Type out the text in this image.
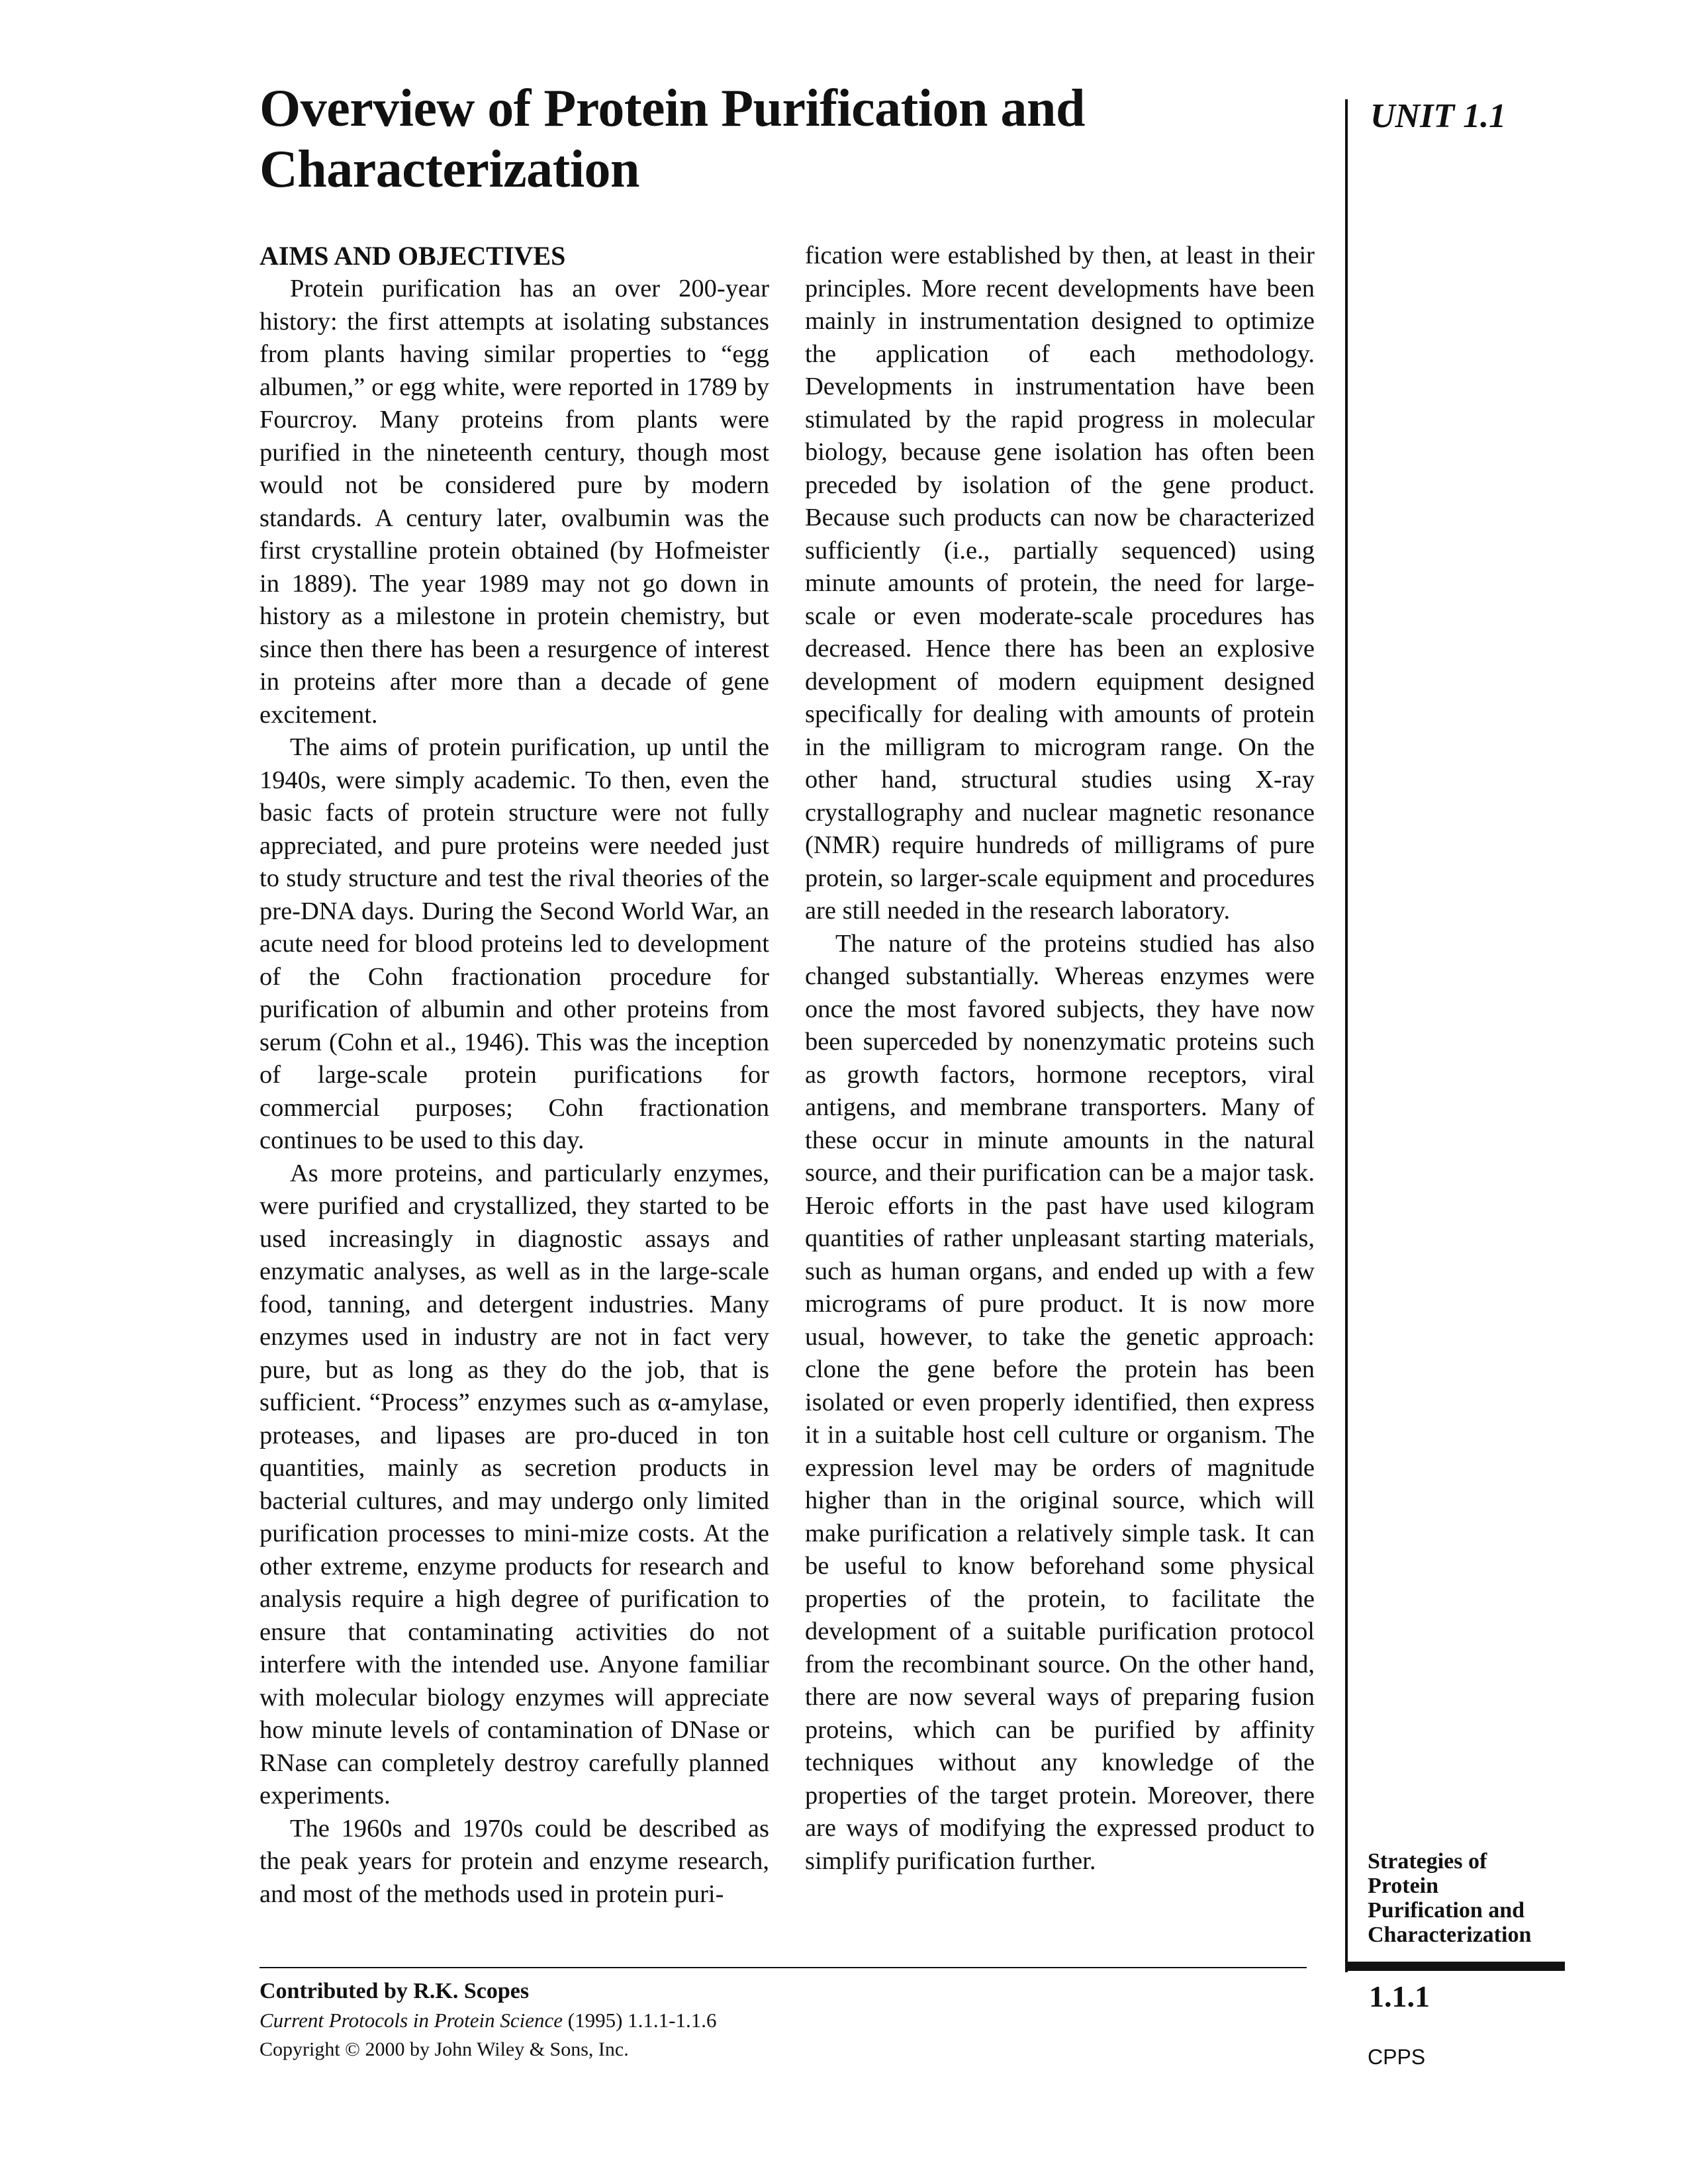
Overview of Protein Purification and
Characterization
UNIT 1.1
AIMS AND OBJECTIVES

Protein purification has an over 200-year history: the first attempts at isolating substances from plants having similar properties to “egg albumen,” or egg white, were reported in 1789 by Fourcroy. Many proteins from plants were purified in the nineteenth century, though most would not be considered pure by modern standards. A century later, ovalbumin was the first crystalline protein obtained (by Hofmeister in 1889). The year 1989 may not go down in history as a milestone in protein chemistry, but since then there has been a resurgence of interest in proteins after more than a decade of gene excitement.

The aims of protein purification, up until the 1940s, were simply academic. To then, even the basic facts of protein structure were not fully appreciated, and pure proteins were needed just to study structure and test the rival theories of the pre-DNA days. During the Second World War, an acute need for blood proteins led to development of the Cohn fractionation procedure for purification of albumin and other proteins from serum (Cohn et al., 1946). This was the inception of large-scale protein purifications for commercial purposes; Cohn fractionation continues to be used to this day.

As more proteins, and particularly enzymes, were purified and crystallized, they started to be used increasingly in diagnostic assays and enzymatic analyses, as well as in the large-scale food, tanning, and detergent industries. Many enzymes used in industry are not in fact very pure, but as long as they do the job, that is sufficient. “Process” enzymes such as α-amylase, proteases, and lipases are pro-duced in ton quantities, mainly as secretion products in bacterial cultures, and may undergo only limited purification processes to mini-mize costs. At the other extreme, enzyme products for research and analysis require a high degree of purification to ensure that contaminating activities do not interfere with the intended use. Anyone familiar with molecular biology enzymes will appreciate how minute levels of contamination of DNase or RNase can completely destroy carefully planned experiments.

The 1960s and 1970s could be described as the peak years for protein and enzyme research, and most of the methods used in protein puri-

fication were established by then, at least in their principles. More recent developments have been mainly in instrumentation designed to optimize the application of each methodology. Developments in instrumentation have been stimulated by the rapid progress in molecular biology, because gene isolation has often been preceded by isolation of the gene product. Because such products can now be characterized sufficiently (i.e., partially sequenced) using minute amounts of protein, the need for large-scale or even moderate-scale procedures has decreased. Hence there has been an explosive development of modern equipment designed specifically for dealing with amounts of protein in the milligram to microgram range. On the other hand, structural studies using X-ray crystallography and nuclear magnetic resonance (NMR) require hundreds of milligrams of pure protein, so larger-scale equipment and procedures are still needed in the research laboratory.

The nature of the proteins studied has also changed substantially. Whereas enzymes were once the most favored subjects, they have now been superceded by nonenzymatic proteins such as growth factors, hormone receptors, viral antigens, and membrane transporters. Many of these occur in minute amounts in the natural source, and their purification can be a major task. Heroic efforts in the past have used kilogram quantities of rather unpleasant starting materials, such as human organs, and ended up with a few micrograms of pure product. It is now more usual, however, to take the genetic approach: clone the gene before the protein has been isolated or even properly identified, then express it in a suitable host cell culture or organism. The expression level may be orders of magnitude higher than in the original source, which will make purification a relatively simple task. It can be useful to know beforehand some physical properties of the protein, to facilitate the development of a suitable purification protocol from the recombinant source. On the other hand, there are now several ways of preparing fusion proteins, which can be purified by affinity techniques without any knowledge of the properties of the target protein. Moreover, there are ways of modifying the expressed product to simplify purification further.

Contributed by R.K. Scopes
Current Protocols in Protein Science (1995) 1.1.1-1.1.6
Copyright © 2000 by John Wiley & Sons, Inc.
Strategies of
Protein
Purification and
Characterization
1.1.1
CPPS
